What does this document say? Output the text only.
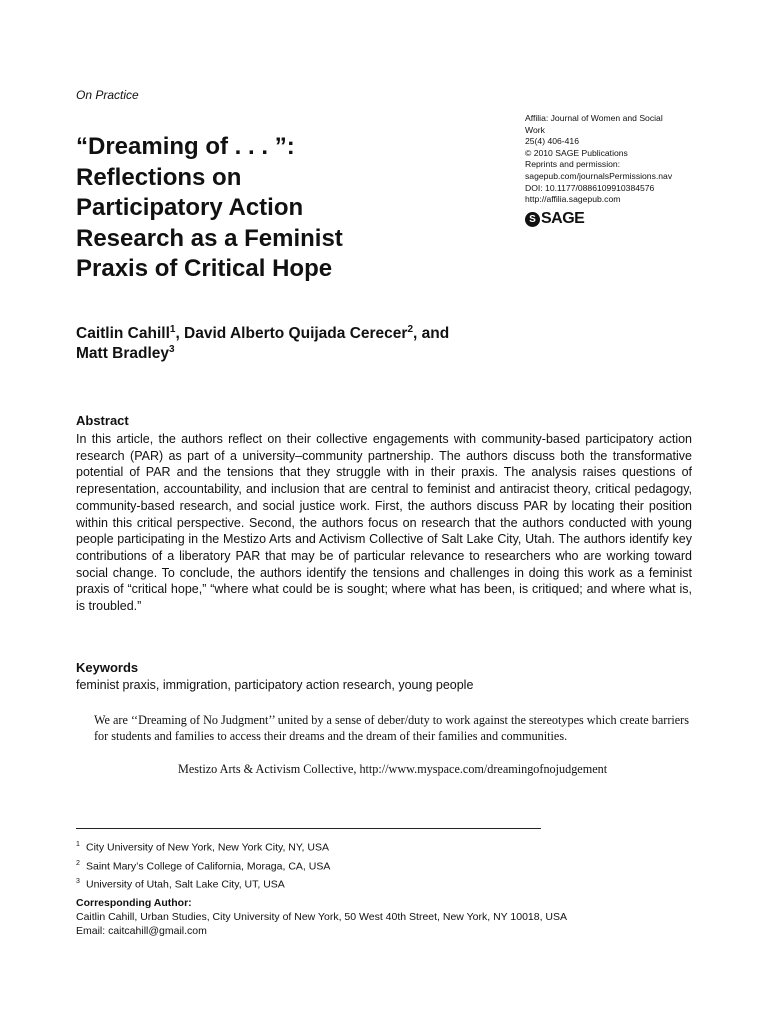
On Practice
“Dreaming of . . . ”:
Reflections on
Participatory Action
Research as a Feminist
Praxis of Critical Hope
Affilia: Journal of Women and Social
Work
25(4) 406-416
© 2010 SAGE Publications
Reprints and permission:
sagepub.com/journalsPermissions.nav
DOI: 10.1177/0886109910384576
http://affilia.sagepub.com
S SAGE
Caitlin Cahill$^1$, David Alberto Quijada Cerecer$^2$, and
Matt Bradley$^3$
Abstract
In this article, the authors reflect on their collective engagements with community-based participatory action research (PAR) as part of a university–community partnership. The authors discuss both the transformative potential of PAR and the tensions that they struggle with in their praxis. The analysis raises questions of representation, accountability, and inclusion that are central to feminist and antiracist theory, critical pedagogy, community-based research, and social justice work. First, the authors discuss PAR by locating their position within this critical perspective. Second, the authors focus on research that the authors conducted with young people participating in the Mestizo Arts and Activism Collective of Salt Lake City, Utah. The authors identify key contributions of a liberatory PAR that may be of particular relevance to researchers who are working toward social change. To conclude, the authors identify the tensions and challenges in doing this work as a feminist praxis of “critical hope,” “where what could be is sought; where what has been, is critiqued; and where what is, is troubled.”
Keywords
feminist praxis, immigration, participatory action research, young people
We are ‘‘Dreaming of No Judgment’’ united by a sense of deber/duty to work against the stereotypes which create barriers for students and families to access their dreams and the dream of their families and communities.
Mestizo Arts & Activism Collective, http://www.myspace.com/dreamingofnojudgement
$^1$ City University of New York, New York City, NY, USA
$^2$ Saint Mary’s College of California, Moraga, CA, USA
$^3$ University of Utah, Salt Lake City, UT, USA
Corresponding Author:
Caitlin Cahill, Urban Studies, City University of New York, 50 West 40th Street, New York, NY 10018, USA
Email: caitcahill@gmail.com
